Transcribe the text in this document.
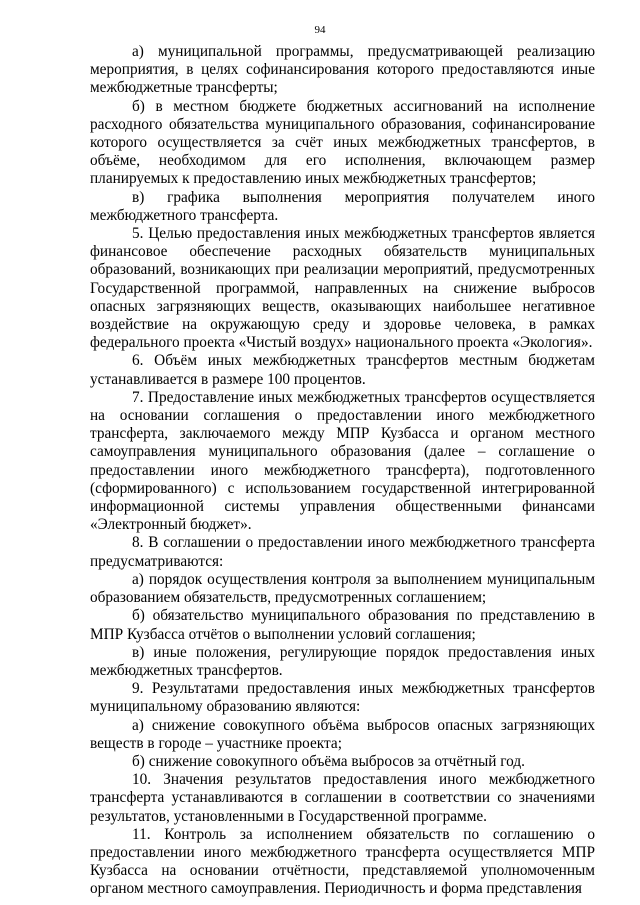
94

а) муниципальной программы, предусматривающей реализацию мероприятия, в целях софинансирования которого предоставляются иные межбюджетные трансферты;

б) в местном бюджете бюджетных ассигнований на исполнение расходного обязательства муниципального образования, софинансирование которого осуществляется за счёт иных межбюджетных трансфертов, в объёме, необходимом для его исполнения, включающем размер планируемых к предоставлению иных межбюджетных трансфертов;

в) графика выполнения мероприятия получателем иного межбюджетного трансферта.

5. Целью предоставления иных межбюджетных трансфертов является финансовое обеспечение расходных обязательств муниципальных образований, возникающих при реализации мероприятий, предусмотренных Государственной программой, направленных на снижение выбросов опасных загрязняющих веществ, оказывающих наибольшее негативное воздействие на окружающую среду и здоровье человека, в рамках федерального проекта «Чистый воздух» национального проекта «Экология».

6. Объём иных межбюджетных трансфертов местным бюджетам устанавливается в размере 100 процентов.

7. Предоставление иных межбюджетных трансфертов осуществляется на основании соглашения о предоставлении иного межбюджетного трансферта, заключаемого между МПР Кузбасса и органом местного самоуправления муниципального образования (далее – соглашение о предоставлении иного межбюджетного трансферта), подготовленного (сформированного) с использованием государственной интегрированной информационной системы управления общественными финансами «Электронный бюджет».

8. В соглашении о предоставлении иного межбюджетного трансферта предусматриваются:

а) порядок осуществления контроля за выполнением муниципальным образованием обязательств, предусмотренных соглашением;

б) обязательство муниципального образования по представлению в МПР Кузбасса отчётов о выполнении условий соглашения;

в) иные положения, регулирующие порядок предоставления иных межбюджетных трансфертов.

9. Результатами предоставления иных межбюджетных трансфертов муниципальному образованию являются:

а) снижение совокупного объёма выбросов опасных загрязняющих веществ в городе – участнике проекта;

б) снижение совокупного объёма выбросов за отчётный год.

10. Значения результатов предоставления иного межбюджетного трансферта устанавливаются в соглашении в соответствии со значениями результатов, установленными в Государственной программе.

11. Контроль за исполнением обязательств по соглашению о предоставлении иного межбюджетного трансферта осуществляется МПР Кузбасса на основании отчётности, представляемой уполномоченным органом местного самоуправления. Периодичность и форма представления
